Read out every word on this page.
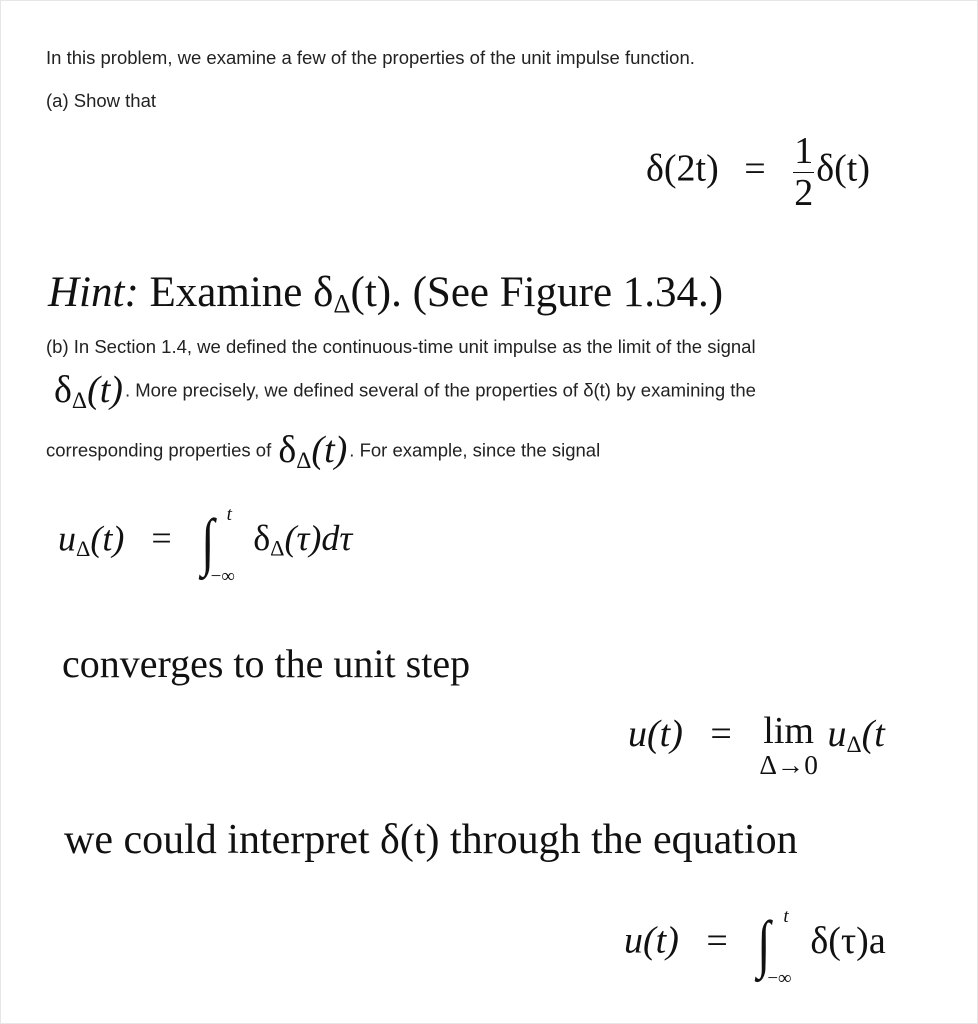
In this problem, we examine a few of the properties of the unit impulse function.
(a) Show that
$\delta(2t) = \frac{1}{2} \delta(t)$
Hint: Examine $\delta_\Delta(t)$. (See Figure 1.34.)
(b) In Section 1.4, we defined the continuous-time unit impulse as the limit of the signal
$\delta_\Delta(t)$ . More precisely, we defined several of the properties of δ(t) by examining the
corresponding properties of $\delta_\Delta(t)$ . For example, since the signal
$u_\Delta(t)$ = ∫ t
−∞
$\delta_\Delta(\tau)d\tau$
converges to the unit step
u(t) = lim
Δ→0
$u_\Delta(t$
we could interpret δ(t) through the equation
u(t) = ∫ t
−∞
δ(τ)a
